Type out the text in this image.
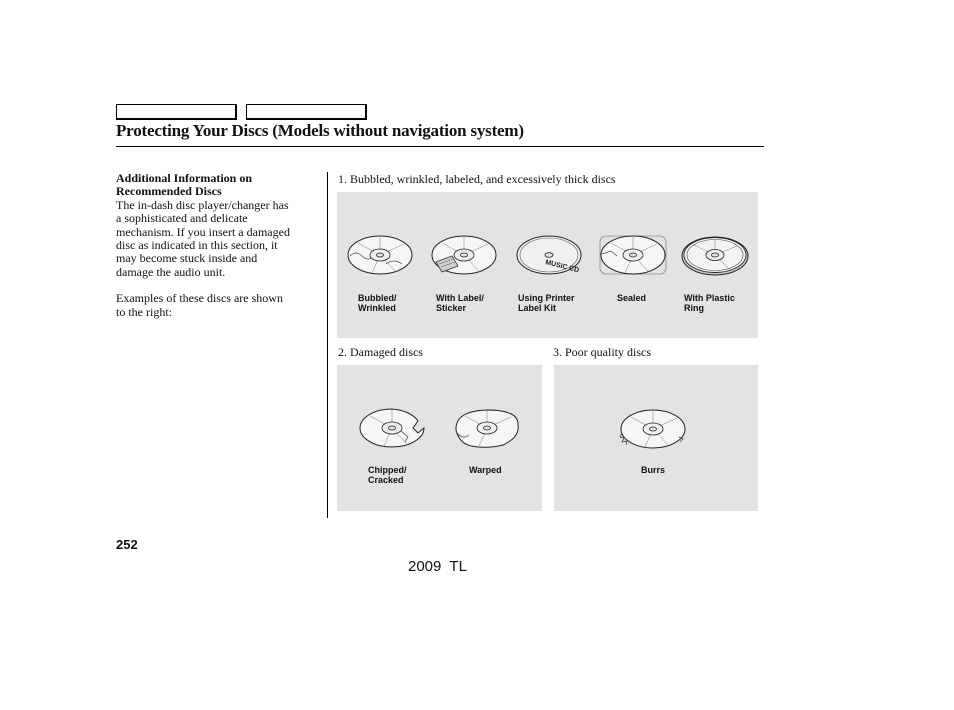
Protecting Your Discs (Models without navigation system)
Additional Information on
Recommended Discs
The in-dash disc player/changer has
a sophisticated and delicate
mechanism. If you insert a damaged
disc as indicated in this section, it
may become stuck inside and
damage the audio unit.
Examples of these discs are shown
to the right:
1. Bubbled, wrinkled, labeled, and excessively thick discs
2. Damaged discs	3. Poor quality discs
MUSIC CD
Bubbled/
Wrinkled
With Label/
Sticker
Using Printer
Label Kit
Sealed	With Plastic
Ring
Chipped/
Cracked
Warped	Burrs
252
2009  TL
